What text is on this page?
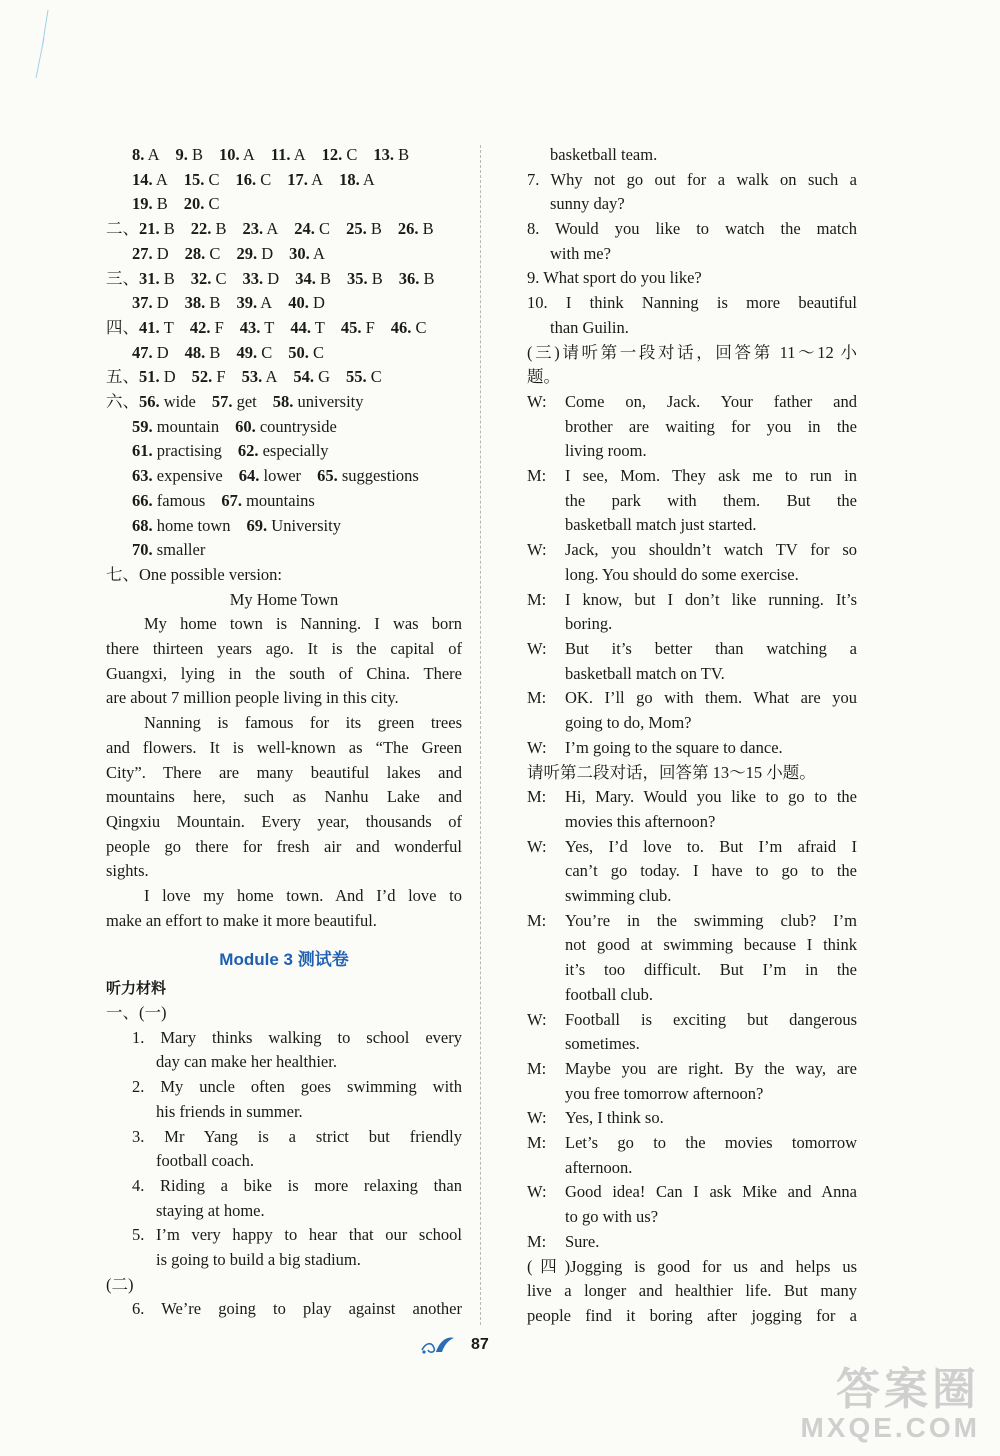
8. A 9. B 10. A 11. A 12. C 13. B
14. A 15. C 16. C 17. A 18. A
19. B 20. C
二、21. B 22. B 23. A 24. C 25. B 26. B
27. D 28. C 29. D 30. A
三、31. B 32. C 33. D 34. B 35. B 36. B
37. D 38. B 39. A 40. D
四、41. T 42. F 43. T 44. T 45. F 46. C
47. D 48. B 49. C 50. C
五、51. D 52. F 53. A 54. G 55. C
六、56. wide 57. get 58. university
59. mountain 60. countryside
61. practising 62. especially
63. expensive 64. lower 65. suggestions
66. famous 67. mountains
68. home town 69. University
70. smaller
七、One possible version:
My Home Town
My home town is Nanning. I was born
there thirteen years ago. It is the capital of
Guangxi, lying in the south of China. There
are about 7 million people living in this city.
Nanning is famous for its green trees
and flowers. It is well-known as “The Green
City”. There are many beautiful lakes and
mountains here, such as Nanhu Lake and
Qingxiu Mountain. Every year, thousands of
people go there for fresh air and wonderful
sights.
I love my home town. And I’d love to
make an effort to make it more beautiful.
Module 3 测试卷
听力材料
一、(一)
1. Mary thinks walking to school every
day can make her healthier.
2. My uncle often goes swimming with
his friends in summer.
3. Mr Yang is a strict but friendly
football coach.
4. Riding a bike is more relaxing than
staying at home.
5. I’m very happy to hear that our school
is going to build a big stadium.
(二)
6. We’re going to play against another
basketball team.
7. Why not go out for a walk on such a
sunny day?
8. Would you like to watch the match
with me?
9. What sport do you like?
10. I think Nanning is more beautiful
than Guilin.
(三)请听第一段对话，回答第 11～12 小
题。
W:	Come on, Jack. Your father and
brother are waiting for you in the
living room.
M:	I see, Mom. They ask me to run in
the park with them. But the
basketball match just started.
W:	Jack, you shouldn’t watch TV for so
long. You should do some exercise.
M:	I know, but I don’t like running. It’s
boring.
W:	But it’s better than watching a
basketball match on TV.
M:	OK. I’ll go with them. What are you
going to do, Mom?
W:	I’m going to the square to dance.
请听第二段对话，回答第 13～15 小题。
M:	Hi, Mary. Would you like to go to the
movies this afternoon?
W:	Yes, I’d love to. But I’m afraid I
can’t go today. I have to go to the
swimming club.
M:	You’re in the swimming club? I’m
not good at swimming because I think
it’s too difficult. But I’m in the
football club.
W:	Football is exciting but dangerous
sometimes.
M:	Maybe you are right. By the way, are
you free tomorrow afternoon?
W:	Yes, I think so.
M:	Let’s go to the movies tomorrow
afternoon.
W:	Good idea! Can I ask Mike and Anna
to go with us?
M:	Sure.
(四)Jogging is good for us and helps us
live a longer and healthier life. But many
people find it boring after jogging for a
87
答案圈
MXQE.COM
